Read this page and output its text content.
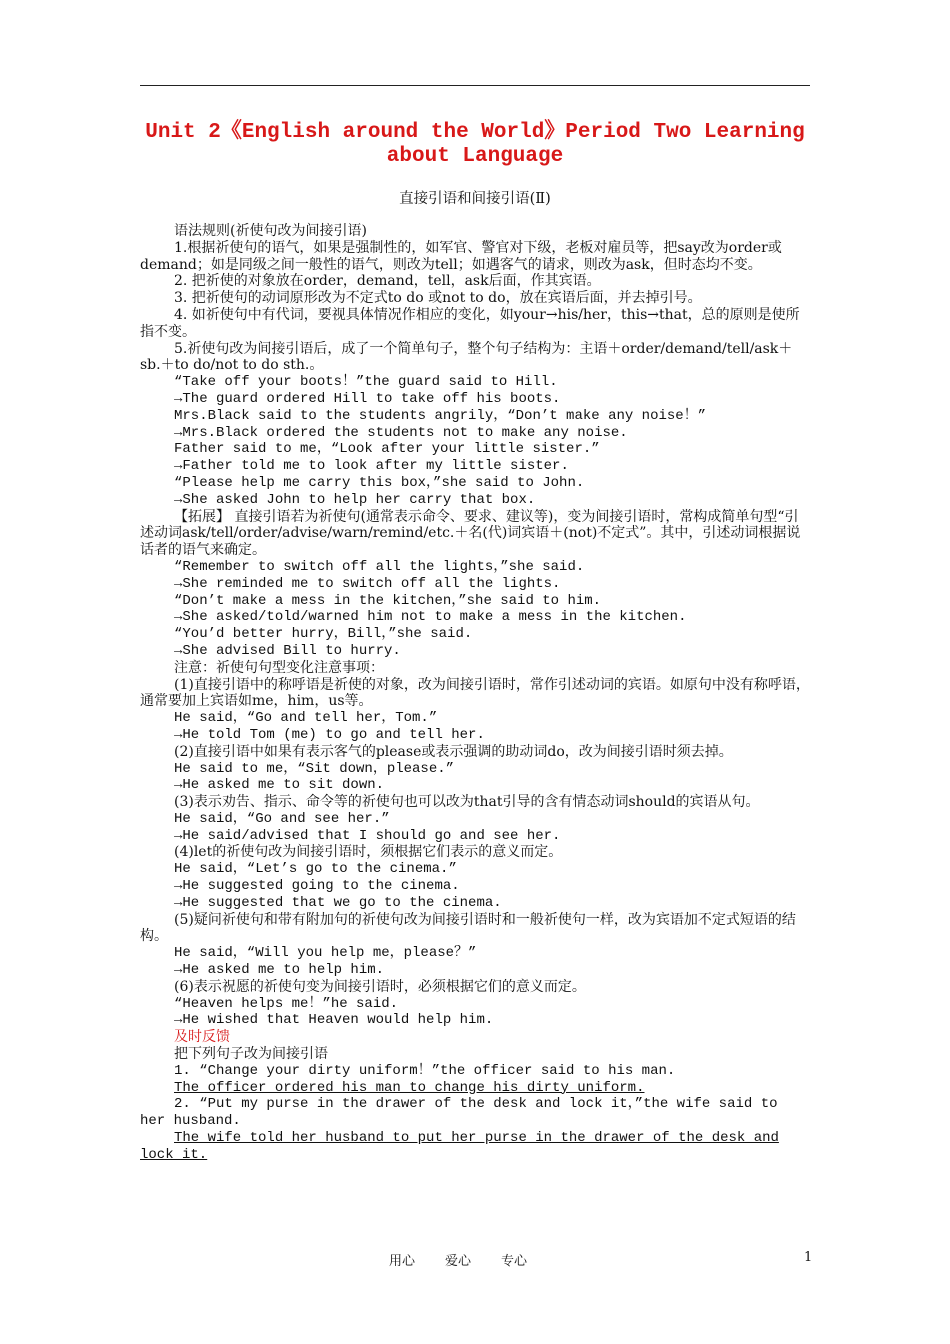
Unit 2《English around the World》Period Two Learning about Language
直接引语和间接引语(Ⅱ)

语法规则(祈使句改为间接引语)

1.根据祈使句的语气，如果是强制性的，如军官、警官对下级，老板对雇员等，把say改为order或demand；如是同级之间一般性的语气，则改为tell；如遇客气的请求，则改为ask，但时态均不变。

2. 把祈使的对象放在order，demand，tell，ask后面，作其宾语。

3. 把祈使句的动词原形改为不定式to do 或not to do，放在宾语后面，并去掉引号。

4. 如祈使句中有代词，要视具体情况作相应的变化，如your→his/her，this→that，总的原则是使所指不变。

5.祈使句改为间接引语后，成了一个简单句子，整个句子结构为：主语＋order/demand/tell/ask＋sb.＋to do/not to do sth.。

“Take off your boots！”the guard said to Hill.

→The guard ordered Hill to take off his boots.

Mrs.Black said to the students angrily，“Don’t make any noise！”

→Mrs.Black ordered the students not to make any noise.

Father said to me，“Look after your little sister.”

→Father told me to look after my little sister.

“Please help me carry this box，”she said to John.

→She asked John to help her carry that box.

【拓展】 直接引语若为祈使句(通常表示命令、要求、建议等)，变为间接引语时，常构成简单句型“引述动词ask/tell/order/advise/warn/remind/etc.＋名(代)词宾语＋(not)不定式”。其中，引述动词根据说话者的语气来确定。

“Remember to switch off all the lights，”she said.

→She reminded me to switch off all the lights.

“Don’t make a mess in the kitchen，”she said to him.

→She asked/told/warned him not to make a mess in the kitchen.

“You’d better hurry，Bill，”she said.

→She advised Bill to hurry.

注意：祈使句句型变化注意事项：

(1)直接引语中的称呼语是祈使的对象，改为间接引语时，常作引述动词的宾语。如原句中没有称呼语，通常要加上宾语如me，him，us等。

He said，“Go and tell her，Tom.”

→He told Tom (me) to go and tell her.

(2)直接引语中如果有表示客气的please或表示强调的助动词do，改为间接引语时须去掉。

He said to me，“Sit down，please.”

→He asked me to sit down.

(3)表示劝告、指示、命令等的祈使句也可以改为that引导的含有情态动词should的宾语从句。

He said，“Go and see her.”

→He said/advised that I should go and see her.

(4)let的祈使句改为间接引语时，须根据它们表示的意义而定。

He said，“Let’s go to the cinema.”

→He suggested going to the cinema.

→He suggested that we go to the cinema.

(5)疑问祈使句和带有附加句的祈使句改为间接引语时和一般祈使句一样，改为宾语加不定式短语的结构。

He said，“Will you help me，please？”

→He asked me to help him.

(6)表示祝愿的祈使句变为间接引语时，必须根据它们的意义而定。

“Heaven helps me！”he said.

→He wished that Heaven would help him.

及时反馈

把下列句子改为间接引语

1. “Change your dirty uniform！”the officer said to his man.

The officer ordered his man to change his dirty uniform.

2. “Put my purse in the drawer of the desk and lock it，”the wife said to her husband.

The wife told her husband to put her purse in the drawer of the desk and lock it.

用心 爱心 专心	1
